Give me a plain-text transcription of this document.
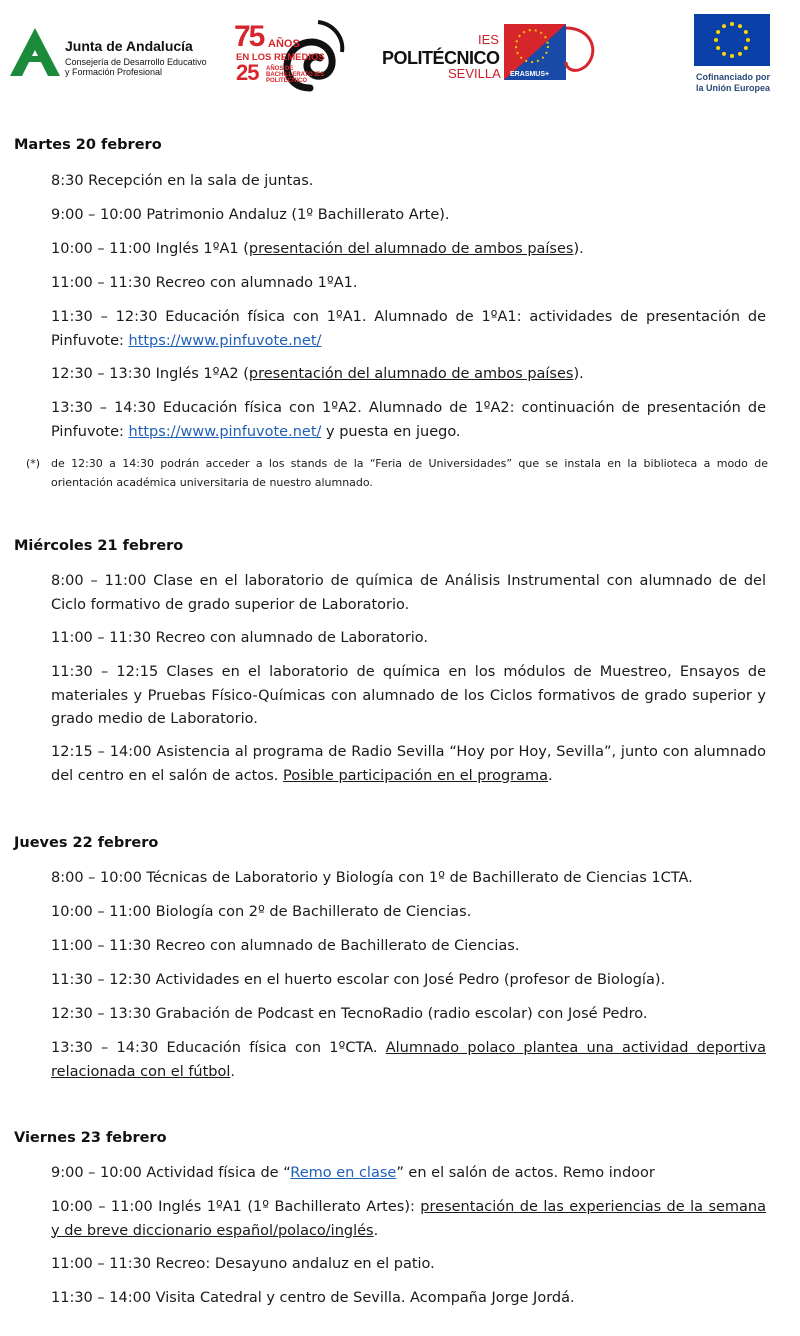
Junta de Andalucía
Consejería de Desarrollo Educativo
y Formación Profesional
75 AÑOS
EN LOS REMEDIOS
25 AÑOS DE BACHILLERATO IES POLITÉCNICO
IES
POLITÉCNICO
SEVILLA ERASMUS+	Cofinanciado por
la Unión Europea
Martes 20 febrero
8:30 Recepción en la sala de juntas.
9:00 – 10:00 Patrimonio Andaluz (1º Bachillerato Arte).
10:00 – 11:00 Inglés 1ºA1 (presentación del alumnado de ambos países).
11:00 – 11:30 Recreo con alumnado 1ºA1.
11:30 – 12:30 Educación física con 1ºA1. Alumnado de 1ºA1: actividades de presentación de Pinfuvote: https://www.pinfuvote.net/
12:30 – 13:30 Inglés 1ºA2 (presentación del alumnado de ambos países).
13:30 – 14:30 Educación física con 1ºA2. Alumnado de 1ºA2: continuación de presentación de Pinfuvote: https://www.pinfuvote.net/ y puesta en juego.
(*) de 12:30 a 14:30 podrán acceder a los stands de la “Feria de Universidades” que se instala en la biblioteca a modo de orientación académica universitaria de nuestro alumnado.
Miércoles 21 febrero
8:00 – 11:00 Clase en el laboratorio de química de Análisis Instrumental con alumnado de del Ciclo formativo de grado superior de Laboratorio.
11:00 – 11:30 Recreo con alumnado de Laboratorio.
11:30 – 12:15 Clases en el laboratorio de química en los módulos de Muestreo, Ensayos de materiales y Pruebas Físico-Químicas con alumnado de los Ciclos formativos de grado superior y grado medio de Laboratorio.
12:15 – 14:00 Asistencia al programa de Radio Sevilla “Hoy por Hoy, Sevilla”, junto con alumnado del centro en el salón de actos. Posible participación en el programa.
Jueves 22 febrero
8:00 – 10:00 Técnicas de Laboratorio y Biología con 1º de Bachillerato de Ciencias 1CTA.
10:00 – 11:00 Biología con 2º de Bachillerato de Ciencias.
11:00 – 11:30 Recreo con alumnado de Bachillerato de Ciencias.
11:30 – 12:30 Actividades en el huerto escolar con José Pedro (profesor de Biología).
12:30 – 13:30 Grabación de Podcast en TecnoRadio (radio escolar) con José Pedro.
13:30 – 14:30 Educación física con 1ºCTA. Alumnado polaco plantea una actividad deportiva relacionada con el fútbol.
Viernes 23 febrero
9:00 – 10:00 Actividad física de “Remo en clase” en el salón de actos. Remo indoor
10:00 – 11:00 Inglés 1ºA1 (1º Bachillerato Artes): presentación de las experiencias de la semana y de breve diccionario español/polaco/inglés.
11:00 – 11:30 Recreo: Desayuno andaluz en el patio.
11:30 – 14:00 Visita Catedral y centro de Sevilla. Acompaña Jorge Jordá.
